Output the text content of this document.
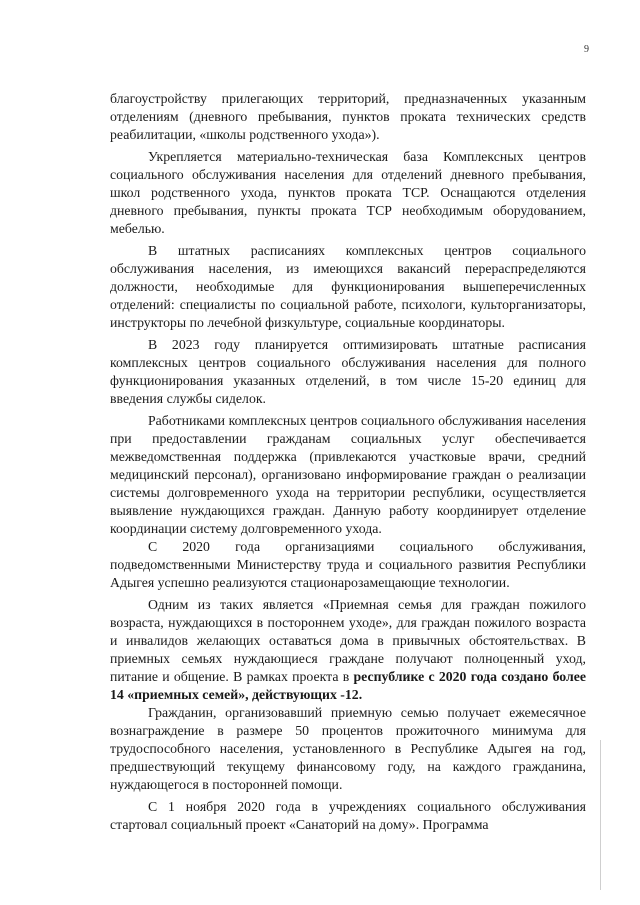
9

благоустройству прилегающих территорий, предназначенных указанным отделениям (дневного пребывания, пунктов проката технических средств реабилитации, «школы родственного ухода»).

Укрепляется материально-техническая база Комплексных центров социального обслуживания населения для отделений дневного пребывания, школ родственного ухода, пунктов проката ТСР. Оснащаются отделения дневного пребывания, пункты проката ТСР необходимым оборудованием, мебелью.

В штатных расписаниях комплексных центров социального обслуживания населения, из имеющихся вакансий перераспределяются должности, необходимые для функционирования вышеперечисленных отделений: специалисты по социальной работе, психологи, культорганизаторы, инструкторы по лечебной физкультуре, социальные координаторы.

В 2023 году планируется оптимизировать штатные расписания комплексных центров социального обслуживания населения для полного функционирования указанных отделений, в том числе 15-20 единиц для введения службы сиделок.

Работниками комплексных центров социального обслуживания населения при предоставлении гражданам социальных услуг обеспечивается межведомственная поддержка (привлекаются участковые врачи, средний медицинский персонал), организовано информирование граждан о реализации системы долговременного ухода на территории республики, осуществляется выявление нуждающихся граждан. Данную работу координирует отделение координации систему долговременного ухода.

С 2020 года организациями социального обслуживания, подведомственными Министерству труда и социального развития Республики Адыгея успешно реализуются стационарозамещающие технологии.

Одним из таких является «Приемная семья для граждан пожилого возраста, нуждающихся в постороннем уходе», для граждан пожилого возраста и инвалидов желающих оставаться дома в привычных обстоятельствах. В приемных семьях нуждающиеся граждане получают полноценный уход, питание и общение. В рамках проекта в республике с 2020 года создано более 14 «приемных семей», действующих -12.

Гражданин, организовавший приемную семью получает ежемесячное вознаграждение в размере 50 процентов прожиточного минимума для трудоспособного населения, установленного в Республике Адыгея на год, предшествующий текущему финансовому году, на каждого гражданина, нуждающегося в посторонней помощи.

С 1 ноября 2020 года в учреждениях социального обслуживания стартовал социальный проект «Санаторий на дому». Программа
